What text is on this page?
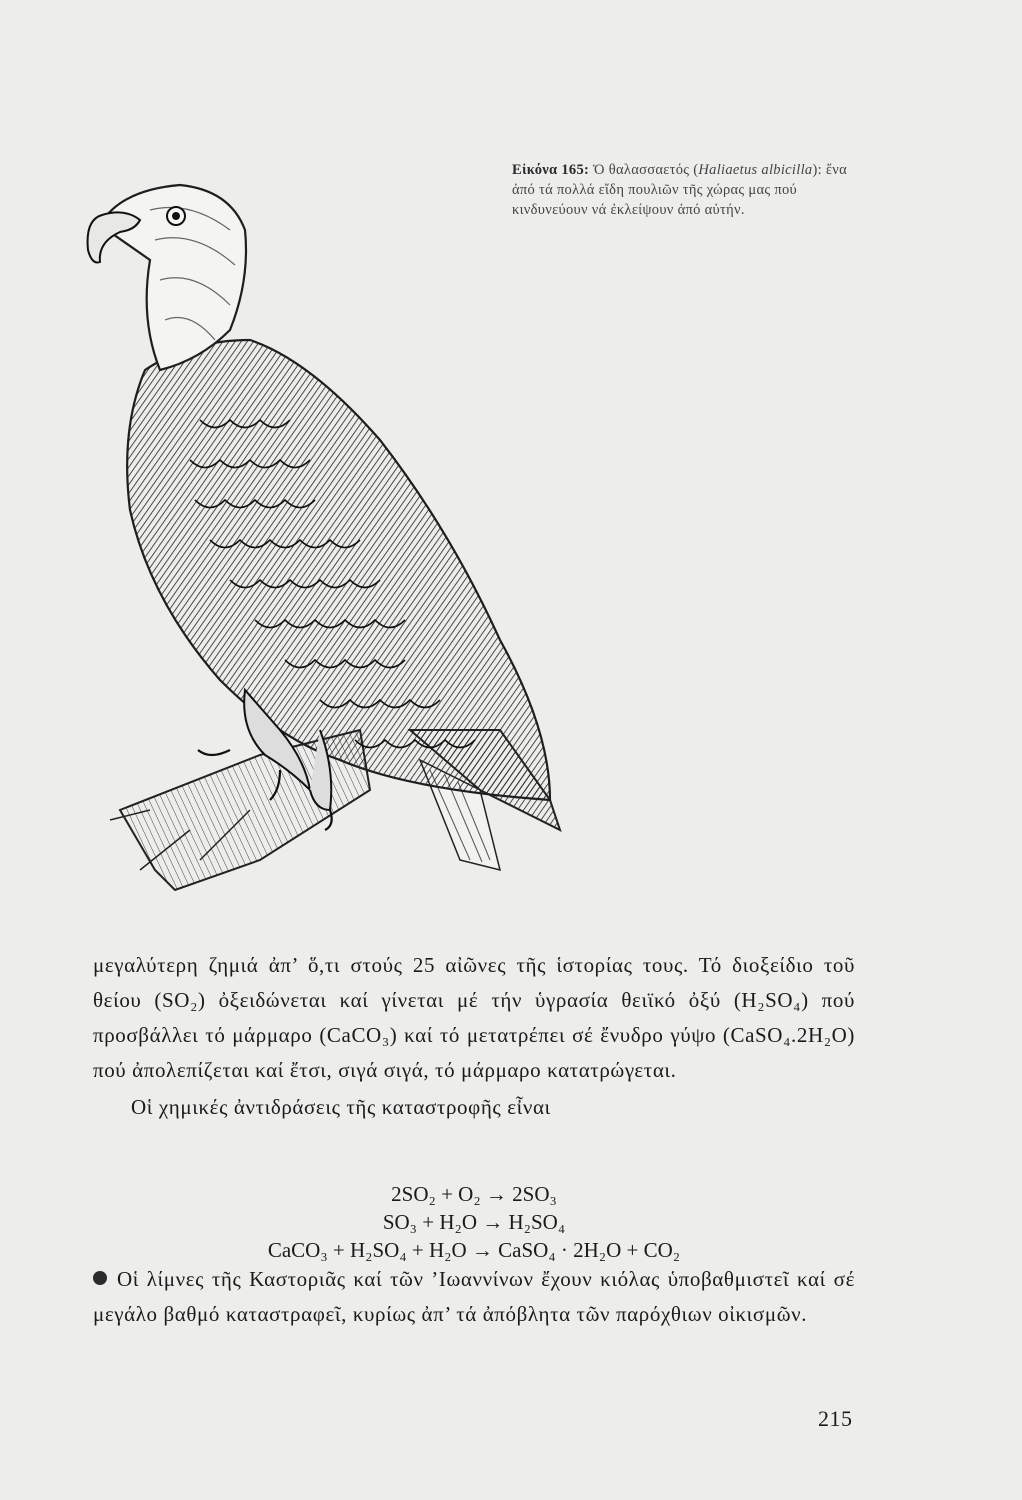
Εἰκόνα 165: Ὁ θαλασσαετός (Haliaetus albicilla): ἕνα ἀπό τά πολλά εἴδη πουλιῶν τῆς χώρας μας πού κινδυνεύουν νά ἐκλείψουν ἀπό αὐτήν.

μεγαλύτερη ζημιά ἀπ’ ὅ,τι στούς 25 αἰῶνες τῆς ἱστορίας τους. Τό διοξείδιο τοῦ θείου (SO₂) ὀξειδώνεται καί γίνεται μέ τήν ὑγρασία θειϊκό ὀξύ (H₂SO₄) πού προσβάλλει τό μάρμαρο (CaCO₃) καί τό μετατρέπει σέ ἔνυδρο γύψο (CaSO₄.2H₂O) πού ἀπολεπίζεται καί ἔτσι, σιγά σιγά, τό μάρμαρο κατατρώγεται.

Οἱ χημικές ἀντιδράσεις τῆς καταστροφῆς εἶναι

2SO₂ + O₂ → 2SO₃
SO₃ + H₂O → H₂SO₄
CaCO₃ + H₂SO₄ + H₂O → CaSO₄ · 2H₂O + CO₂
Οἱ λίμνες τῆς Καστοριᾶς καί τῶν ’Ιωαννίνων ἔχουν κιόλας ὑποβαθμιστεῖ καί σέ μεγάλο βαθμό καταστραφεῖ, κυρίως ἀπ’ τά ἀπόβλητα τῶν παρόχθιων οἰκισμῶν.
215
